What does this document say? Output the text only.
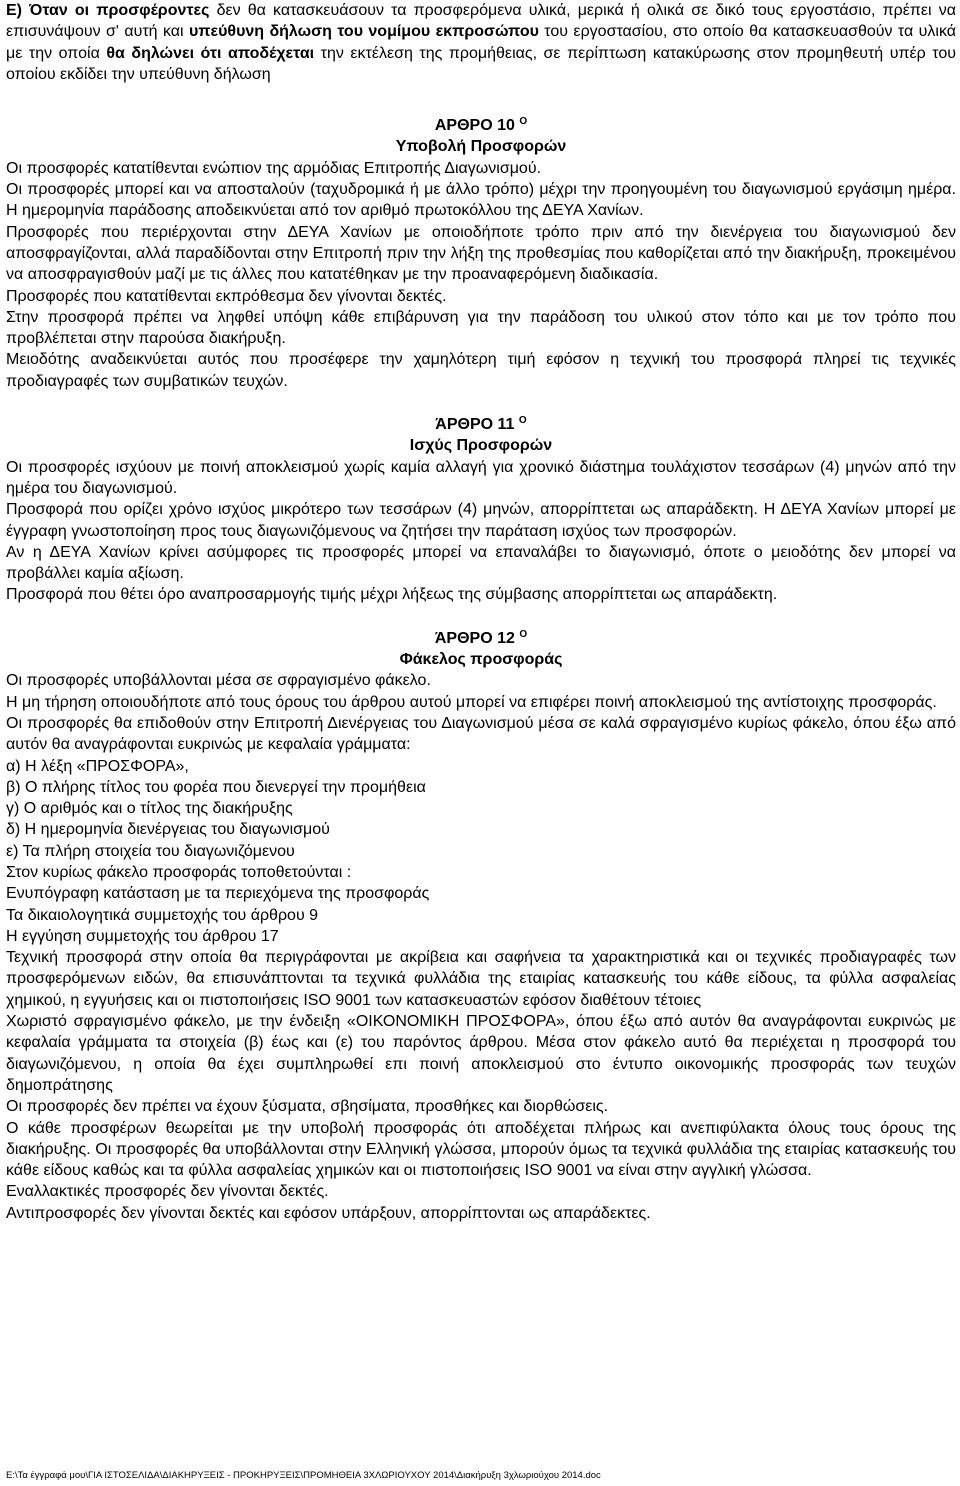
Ε) Όταν οι προσφέροντες δεν θα κατασκευάσουν τα προσφερόμενα υλικά, μερικά ή ολικά σε δικό τους εργοστάσιο, πρέπει να επισυνάψουν σ' αυτή και υπεύθυνη δήλωση του νομίμου εκπροσώπου του εργοστασίου, στο οποίο θα κατασκευασθούν τα υλικά με την οποία θα δηλώνει ότι αποδέχεται την εκτέλεση της προμήθειας, σε περίπτωση κατακύρωσης στον προμηθευτή υπέρ του οποίου εκδίδει την υπεύθυνη δήλωση

ΑΡΘΡΟ 10 $^O$

Υποβολή Προσφορών

Οι προσφορές κατατίθενται ενώπιον της αρμόδιας Επιτροπής Διαγωνισμού.

Οι προσφορές μπορεί και να αποσταλούν (ταχυδρομικά ή με άλλο τρόπο) μέχρι την προηγουμένη του διαγωνισμού εργάσιμη ημέρα. Η ημερομηνία παράδοσης αποδεικνύεται από τον αριθμό πρωτοκόλλου της ΔΕΥΑ Χανίων.

Προσφορές που περιέρχονται στην ΔΕΥΑ Χανίων με οποιοδήποτε τρόπο πριν από την διενέργεια του διαγωνισμού δεν αποσφραγίζονται, αλλά παραδίδονται στην Επιτροπή πριν την λήξη της προθεσμίας που καθορίζεται από την διακήρυξη, προκειμένου να αποσφραγισθούν μαζί με τις άλλες που κατατέθηκαν με την προαναφερόμενη διαδικασία.

Προσφορές που κατατίθενται εκπρόθεσμα δεν γίνονται δεκτές.

Στην προσφορά πρέπει να ληφθεί υπόψη κάθε επιβάρυνση για την παράδοση του υλικού στον τόπο και με τον τρόπο που προβλέπεται στην παρούσα διακήρυξη.

Μειοδότης αναδεικνύεται αυτός που προσέφερε την χαμηλότερη τιμή εφόσον η τεχνική του προσφορά πληρεί τις τεχνικές προδιαγραφές των συμβατικών τευχών.

ΆΡΘΡΟ 11 $^O$

Ισχύς Προσφορών

Οι προσφορές ισχύουν με ποινή αποκλεισμού χωρίς καμία αλλαγή για χρονικό διάστημα τουλάχιστον τεσσάρων (4) μηνών από την ημέρα του διαγωνισμού.

Προσφορά που ορίζει χρόνο ισχύος μικρότερο των τεσσάρων (4) μηνών, απορρίπτεται ως απαράδεκτη. Η ΔΕΥΑ Χανίων μπορεί με έγγραφη γνωστοποίηση προς τους διαγωνιζόμενους να ζητήσει την παράταση ισχύος των προσφορών.

Αν η ΔΕΥΑ Χανίων κρίνει ασύμφορες τις προσφορές μπορεί να επαναλάβει το διαγωνισμό, όποτε ο μειοδότης δεν μπορεί να προβάλλει καμία αξίωση.

Προσφορά που θέτει όρο αναπροσαρμογής τιμής μέχρι λήξεως της σύμβασης απορρίπτεται ως απαράδεκτη.

ΆΡΘΡΟ 12 $^O$

Φάκελος προσφοράς

Οι προσφορές υποβάλλονται μέσα σε σφραγισμένο φάκελο.

Η μη τήρηση οποιουδήποτε από τους όρους του άρθρου αυτού μπορεί να επιφέρει ποινή αποκλεισμού της αντίστοιχης προσφοράς.

Οι προσφορές θα επιδοθούν στην Επιτροπή Διενέργειας του Διαγωνισμού μέσα σε καλά σφραγισμένο κυρίως φάκελο, όπου έξω από αυτόν θα αναγράφονται ευκρινώς με κεφαλαία γράμματα:

α) Η λέξη «ΠΡΟΣΦΟΡΑ»,

β) Ο πλήρης τίτλος του φορέα που διενεργεί την προμήθεια

γ) Ο αριθμός και ο τίτλος της διακήρυξης

δ) Η ημερομηνία διενέργειας του διαγωνισμού

ε) Τα πλήρη στοιχεία του διαγωνιζόμενου

Στον κυρίως φάκελο προσφοράς τοποθετούνται :

Ενυπόγραφη κατάσταση με τα περιεχόμενα της προσφοράς

Τα δικαιολογητικά συμμετοχής του άρθρου 9

Η εγγύηση συμμετοχής του άρθρου 17

Τεχνική προσφορά στην οποία θα περιγράφονται με ακρίβεια και σαφήνεια τα χαρακτηριστικά και οι τεχνικές προδιαγραφές των προσφερόμενων ειδών, θα επισυνάπτονται τα τεχνικά φυλλάδια της εταιρίας κατασκευής του κάθε είδους, τα φύλλα ασφαλείας χημικού, η εγγυήσεις και οι πιστοποιήσεις ISO 9001 των κατασκευαστών εφόσον διαθέτουν τέτοιες

Χωριστό σφραγισμένο φάκελο, με την ένδειξη «ΟΙΚΟΝΟΜΙΚΗ ΠΡΟΣΦΟΡΑ», όπου έξω από αυτόν θα αναγράφονται ευκρινώς με κεφαλαία γράμματα τα στοιχεία (β) έως και (ε) του παρόντος άρθρου. Μέσα στον φάκελο αυτό θα περιέχεται η προσφορά του διαγωνιζόμενου, η οποία θα έχει συμπληρωθεί επι ποινή αποκλεισμού στο έντυπο οικονομικής προσφοράς των τευχών δημοπράτησης

Οι προσφορές δεν πρέπει να έχουν ξύσματα, σβησίματα, προσθήκες και διορθώσεις.

Ο κάθε προσφέρων θεωρείται με την υποβολή προσφοράς ότι αποδέχεται πλήρως και ανεπιφύλακτα όλους τους όρους της διακήρυξης. Οι προσφορές θα υποβάλλονται στην Ελληνική γλώσσα, μπορούν όμως τα τεχνικά φυλλάδια της εταιρίας κατασκευής του κάθε είδους καθώς και τα φύλλα ασφαλείας χημικών και οι πιστοποιήσεις ISO 9001 να είναι στην αγγλική γλώσσα.

Εναλλακτικές προσφορές δεν γίνονται δεκτές.

Αντιπροσφορές δεν γίνονται δεκτές και εφόσον υπάρξουν, απορρίπτονται ως απαράδεκτες.

E:\Τα έγγραφά μου\ΓΙΑ ΙΣΤΟΣΕΛΙΔΑ\ΔΙΑΚΗΡΥΞΕΙΣ - ΠΡΟΚΗΡΥΞΕΙΣ\ΠΡΟΜΗΘΕΙΑ 3ΧΛΩΡΙΟΥΧΟΥ 2014\Διακήρυξη 3χλωριούχου 2014.doc
